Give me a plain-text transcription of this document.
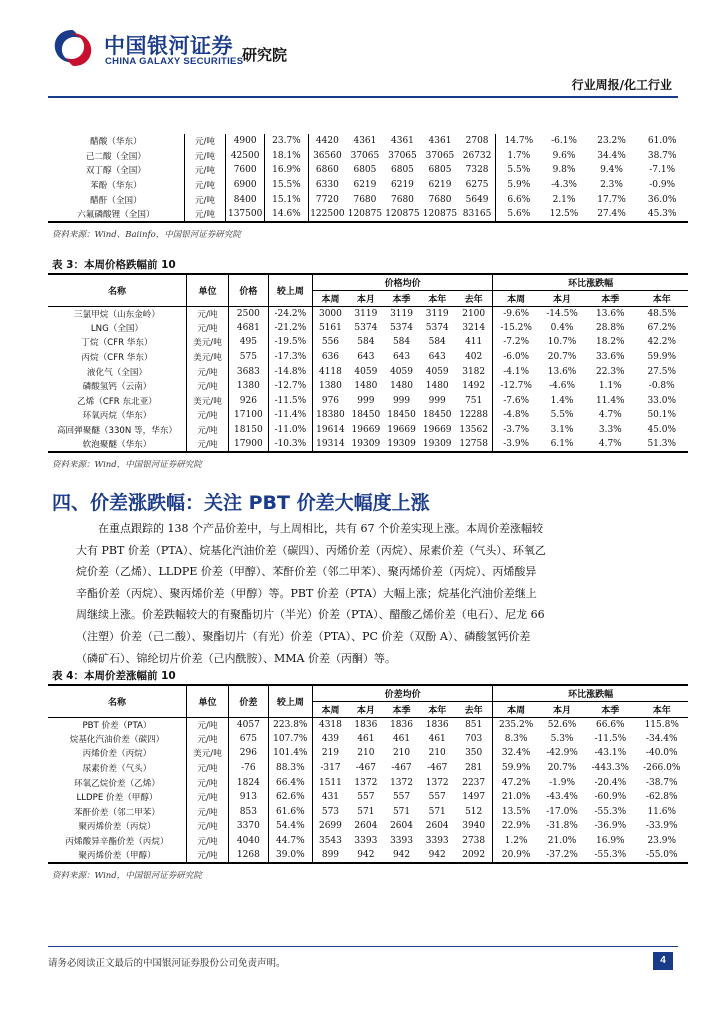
中国银河证券
CHINA GALAXY SECURITIES
研究院
行业周报/化工行业
醋酸（华东）	元/吨	4900	23.7%	4420	4361	4361	4361	2708	14.7%	-6.1%	23.2%	61.0%
己二酸（全国）	元/吨	42500	18.1%	36560	37065	37065	37065	26732	1.7%	9.6%	34.4%	38.7%
双丁醇（全国）	元/吨	7600	16.9%	6860	6805	6805	6805	7328	5.5%	9.8%	9.4%	-7.1%
苯酚（华东）	元/吨	6900	15.5%	6330	6219	6219	6219	6275	5.9%	-4.3%	2.3%	-0.9%
醋酐（全国）	元/吨	8400	15.1%	7720	7680	7680	7680	5649	6.6%	2.1%	17.7%	36.0%
六氟磷酸锂（全国）	元/吨	137500	14.6%	122500	120875	120875	120875	83165	5.6%	12.5%	27.4%	45.3%
资料来源：Wind、Baiinfo，中国银河证券研究院
表 3：本周价格跌幅前 10
名称	单位	价格	较上周	价格均价					环比涨跌幅			
				本周	本月	本季	本年	去年	本周	本月	本季	本年
三氯甲烷（山东金岭）	元/吨	2500	-24.2%	3000	3119	3119	3119	2100	-9.6%	-14.5%	13.6%	48.5%
LNG（全国）	元/吨	4681	-21.2%	5161	5374	5374	5374	3214	-15.2%	0.4%	28.8%	67.2%
丁烷（CFR 华东）	美元/吨	495	-19.5%	556	584	584	584	411	-7.2%	10.7%	18.2%	42.2%
丙烷（CFR 华东）	美元/吨	575	-17.3%	636	643	643	643	402	-6.0%	20.7%	33.6%	59.9%
液化气（全国）	元/吨	3683	-14.8%	4118	4059	4059	4059	3182	-4.1%	13.6%	22.3%	27.5%
磷酸氢钙（云南）	元/吨	1380	-12.7%	1380	1480	1480	1480	1492	-12.7%	-4.6%	1.1%	-0.8%
乙烯（CFR 东北亚）	美元/吨	926	-11.5%	976	999	999	999	751	-7.6%	1.4%	11.4%	33.0%
环氧丙烷（华东）	元/吨	17100	-11.4%	18380	18450	18450	18450	12288	-4.8%	5.5%	4.7%	50.1%
高回弹聚醚（330N 等，华东）	元/吨	18150	-11.0%	19614	19669	19669	19669	13562	-3.7%	3.1%	3.3%	45.0%
软泡聚醚（华东）	元/吨	17900	-10.3%	19314	19309	19309	19309	12758	-3.9%	6.1%	4.7%	51.3%
资料来源：Wind，中国银河证券研究院
四、价差涨跌幅：关注 PBT 价差大幅度上涨
在重点跟踪的 138 个产品价差中，与上周相比，共有 67 个价差实现上涨。本周价差涨幅较大有 PBT 价差（PTA）、烷基化汽油价差（碳四）、丙烯价差（丙烷）、尿素价差（气头）、环氧乙烷价差（乙烯）、LLDPE 价差（甲醇）、苯酐价差（邻二甲苯）、聚丙烯价差（丙烷）、丙烯酸异辛酯价差（丙烷）、聚丙烯价差（甲醇）等。PBT 价差（PTA）大幅上涨；烷基化汽油价差继上周继续上涨。价差跌幅较大的有聚酯切片（半光）价差（PTA）、醋酸乙烯价差（电石）、尼龙 66（注塑）价差（己二酸）、聚酯切片（有光）价差（PTA）、PC 价差（双酚 A）、磷酸氢钙价差（磷矿石）、锦纶切片价差（己内酰胺）、MMA 价差（丙酮）等。
表 4：本周价差涨幅前 10
名称	单位	价差	较上周	价差均价					环比涨跌幅			
				本周	本月	本季	本年	去年	本周	本月	本季	本年
PBT 价差（PTA）	元/吨	4057	223.8%	4318	1836	1836	1836	851	235.2%	52.6%	66.6%	115.8%
烷基化汽油价差（碳四）	元/吨	675	107.7%	439	461	461	461	703	8.3%	5.3%	-11.5%	-34.4%
丙烯价差（丙烷）	美元/吨	296	101.4%	219	210	210	210	350	32.4%	-42.9%	-43.1%	-40.0%
尿素价差（气头）	元/吨	-76	88.3%	-317	-467	-467	-467	281	59.9%	20.7%	-443.3%	-266.0%
环氧乙烷价差（乙烯）	元/吨	1824	66.4%	1511	1372	1372	1372	2237	47.2%	-1.9%	-20.4%	-38.7%
LLDPE 价差（甲醇）	元/吨	913	62.6%	431	557	557	557	1497	21.0%	-43.4%	-60.9%	-62.8%
苯酐价差（邻二甲苯）	元/吨	853	61.6%	573	571	571	571	512	13.5%	-17.0%	-55.3%	11.6%
聚丙烯价差（丙烷）	元/吨	3370	54.4%	2699	2604	2604	2604	3940	22.9%	-31.8%	-36.9%	-33.9%
丙烯酸异辛酯价差（丙烷）	元/吨	4040	44.7%	3543	3393	3393	3393	2738	1.2%	21.0%	16.9%	23.9%
聚丙烯价差（甲醇）	元/吨	1268	39.0%	899	942	942	942	2092	20.9%	-37.2%	-55.3%	-55.0%
资料来源：Wind，中国银河证券研究院
请务必阅读正文最后的中国银河证券股份公司免责声明。	4
